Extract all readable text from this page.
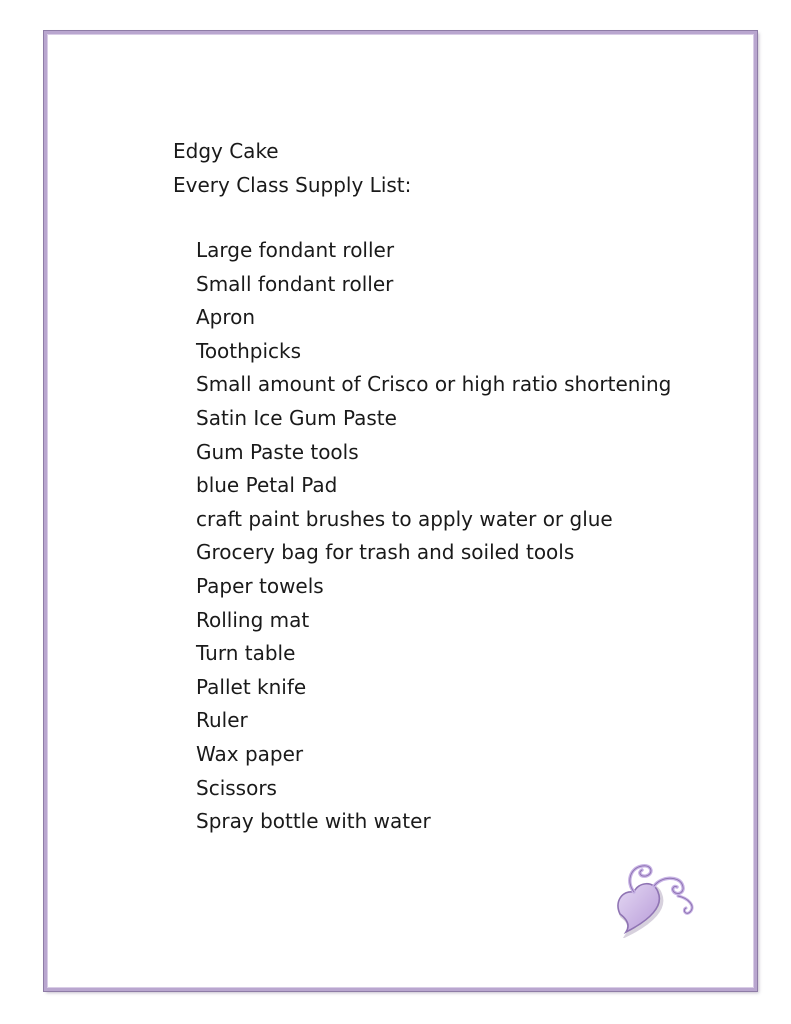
Edgy Cake
Every Class Supply List:
Large fondant roller
Small fondant roller
Apron
Toothpicks
Small amount of Crisco or high ratio shortening
Satin Ice Gum Paste
Gum Paste tools
blue Petal Pad
craft paint brushes to apply water or glue
Grocery bag for trash and soiled tools
Paper towels
Rolling mat
Turn table
Pallet knife
Ruler
Wax paper
Scissors
Spray bottle with water
